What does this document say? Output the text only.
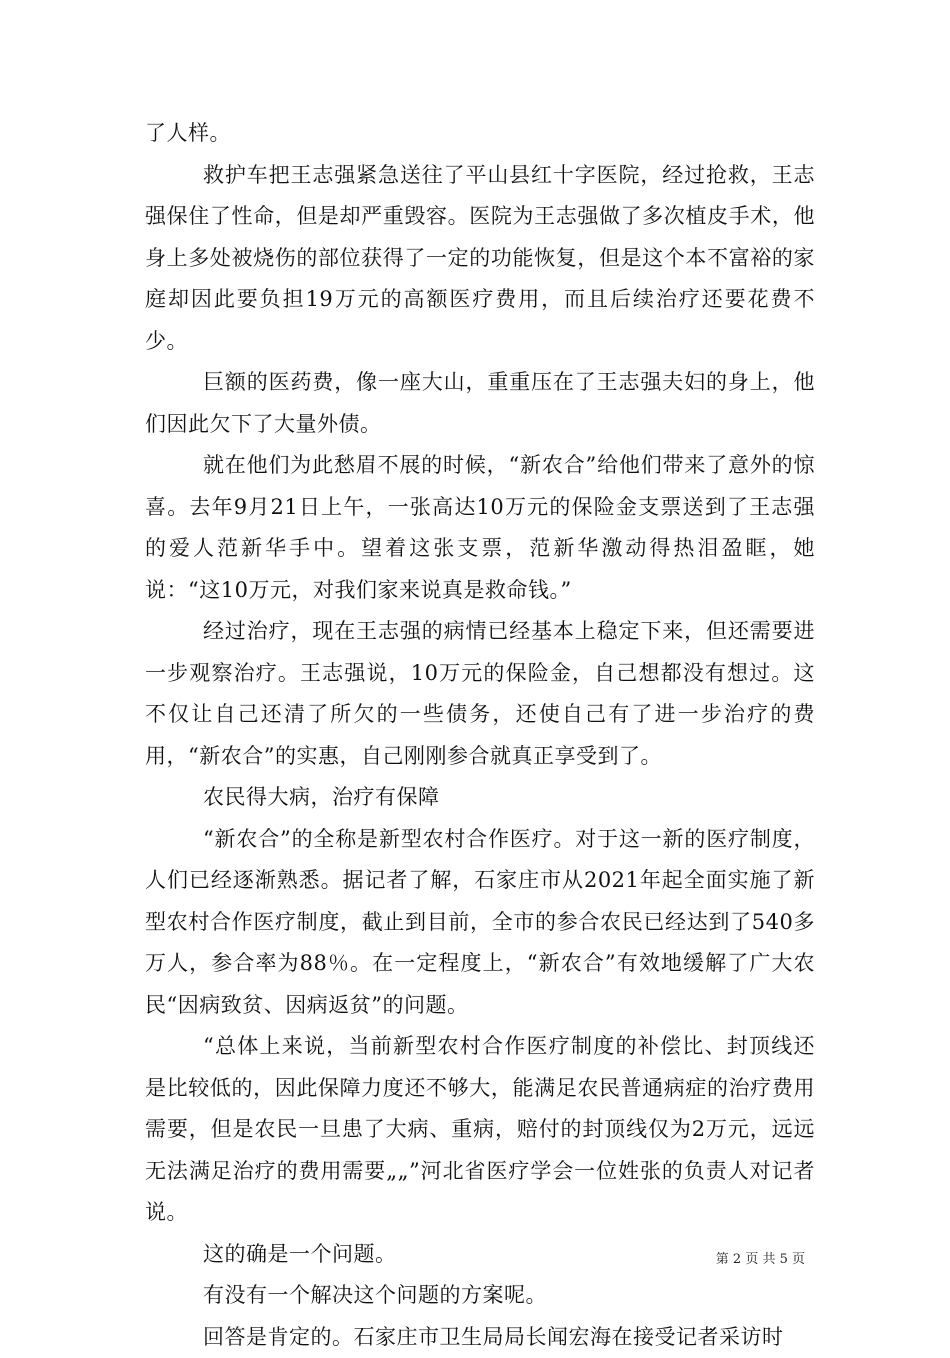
了人样。

救护车把王志强紧急送往了平山县红十字医院，经过抢救，王志强保住了性命，但是却严重毁容。医院为王志强做了多次植皮手术，他身上多处被烧伤的部位获得了一定的功能恢复，但是这个本不富裕的家庭却因此要负担19万元的高额医疗费用，而且后续治疗还要花费不少。

巨额的医药费，像一座大山，重重压在了王志强夫妇的身上，他们因此欠下了大量外债。

就在他们为此愁眉不展的时候，“新农合”给他们带来了意外的惊喜。去年9月21日上午，一张高达10万元的保险金支票送到了王志强的爱人范新华手中。望着这张支票，范新华激动得热泪盈眶，她说：“这10万元，对我们家来说真是救命钱。”

经过治疗，现在王志强的病情已经基本上稳定下来，但还需要进一步观察治疗。王志强说，10万元的保险金，自己想都没有想过。这不仅让自己还清了所欠的一些债务，还使自己有了进一步治疗的费用，“新农合”的实惠，自己刚刚参合就真正享受到了。

农民得大病，治疗有保障

“新农合”的全称是新型农村合作医疗。对于这一新的医疗制度，人们已经逐渐熟悉。据记者了解，石家庄市从2021年起全面实施了新型农村合作医疗制度，截止到目前，全市的参合农民已经达到了540多万人，参合率为88％。在一定程度上，“新农合”有效地缓解了广大农民“因病致贫、因病返贫”的问题。

“总体上来说，当前新型农村合作医疗制度的补偿比、封顶线还是比较低的，因此保障力度还不够大，能满足农民普通病症的治疗费用需要，但是农民一旦患了大病、重病，赔付的封顶线仅为2万元，远远无法满足治疗的费用需要„„”河北省医疗学会一位姓张的负责人对记者说。

这的确是一个问题。

有没有一个解决这个问题的方案呢。

回答是肯定的。石家庄市卫生局局长闻宏海在接受记者采访时

第 2 页 共 5 页
